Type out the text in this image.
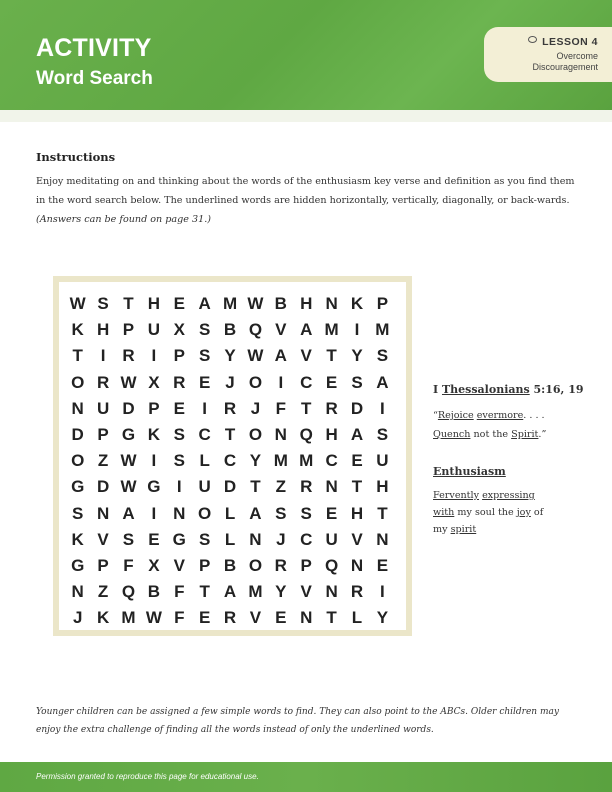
ACTIVITY
Word Search
LESSON 4
Overcome
Discouragement
Instructions
Enjoy meditating on and thinking about the words of the enthusiasm key verse and definition as you find them in the word search below. The underlined words are hidden horizontally, vertically, diagonally, or back-wards. (Answers can be found on page 31.)
W S T H E A M W B H N K P
K H P U X S B Q V A M I M
T	I R I	P S Y W A V T Y S
O R W X R E J O I C E S A
N U D P E	I R J F T R D I
D P G K S C T O N Q H A S
O Z W I	S L C Y M M C E U
G D W G I U D T Z R N T H
S N A I N O L A S S E H T
K V S E G S L N J C U V N
G P F X V P B O R P Q N E
N Z Q B F T A M Y V N R I
J K M W F E R V E N T L Y
I Thessalonians 5:16, 19
“Rejoice evermore. . . .
Quench not the Spirit.”
Enthusiasm
Fervently expressing
with my soul the joy of
my spirit
Younger children can be assigned a few simple words to find. They can also point to the ABCs. Older children may enjoy the extra challenge of finding all the words instead of only the underlined words.
Permission granted to reproduce this page for educational use.
